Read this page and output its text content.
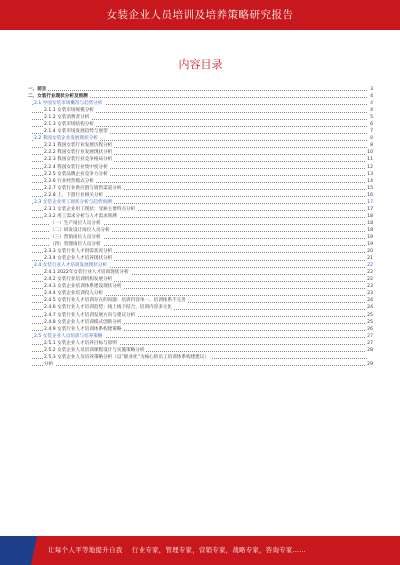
女装企业人员培训及培养策略研究报告
内容目录
一、前言	3
二、女装行业现状分析及预测	4
2.1 中国女装市场概况与趋势分析	4
2.1.1 女装市场规模分析	4
2.1.2 女装消费者分析	5
2.1.3 女装市场结构分析	6
2.1.4 女装市场发展趋势与展望	7
2.2 我国女装企业发展现状分析	8
2.2.1 我国女装行业发展历程分析	8
2.2.2 我国女装行业发展现状分析	10
2.2.3 我国女装行业竞争格局分析	11
2.2.4 我国女装行业集中度分析	12
2.2.5 女装品牌企业竞争力分析	13
2.2.6 行业经营模式分析	14
2.2.7 女装行业供应链与销售渠道分析	15
2.2.8 上、下游行业相关分析	16
2.3 女装企业用工现状分析与趋势预测	17
2.3.1 女装企业用工现状：受雇主要特点分析	17
2.3.2 用工需求分析与人才需求预测	18
（一）生产岗位人员分析	18
（二）研发设计岗位人员分析	18
（三）营销岗位人员分析	19
（四）管理岗位人员分析	19
2.3.3 女装行业人才供需状况分析	20
2.3.4 女装企业人才培养现状分析	21
2.4 女装行业人才培训发展现状分析	22
2.4.1 2022年女装行业人才培训现状分析	22
2.4.2 女装行业培训机构发展分析	22
2.4.3 女装企业培训体系建设现状分析	23
2.4.4 女装企业培训投入分析	23
2.4.5 女装行业人才培训存在的问题：培训内容单一、培训体系不完善	24
2.4.6 女装行业人才培训趋势：线上线下结合、培训内容多元化	24
2.4.7 女装行业人才培训发展方向与建议分析	25
2.4.8 女装企业人才培训模式创新分析	25
2.4.9 女装行业人才培训体系构建策略	26
2.5 女装企业人员培训与培养策略	27
2.5.1 女装企业人才培养目标与原则	27
2.5.2 女装企业人员培训课程设计与实施策略分析	28
2.5.3 女装企业人员培养策略分析（以“职业化”为核心的员工培训体系构建建议）
分析	29
让每个人平等地提升自我 行业专家，管理专家，营销专家，战略专家，咨询专家……
